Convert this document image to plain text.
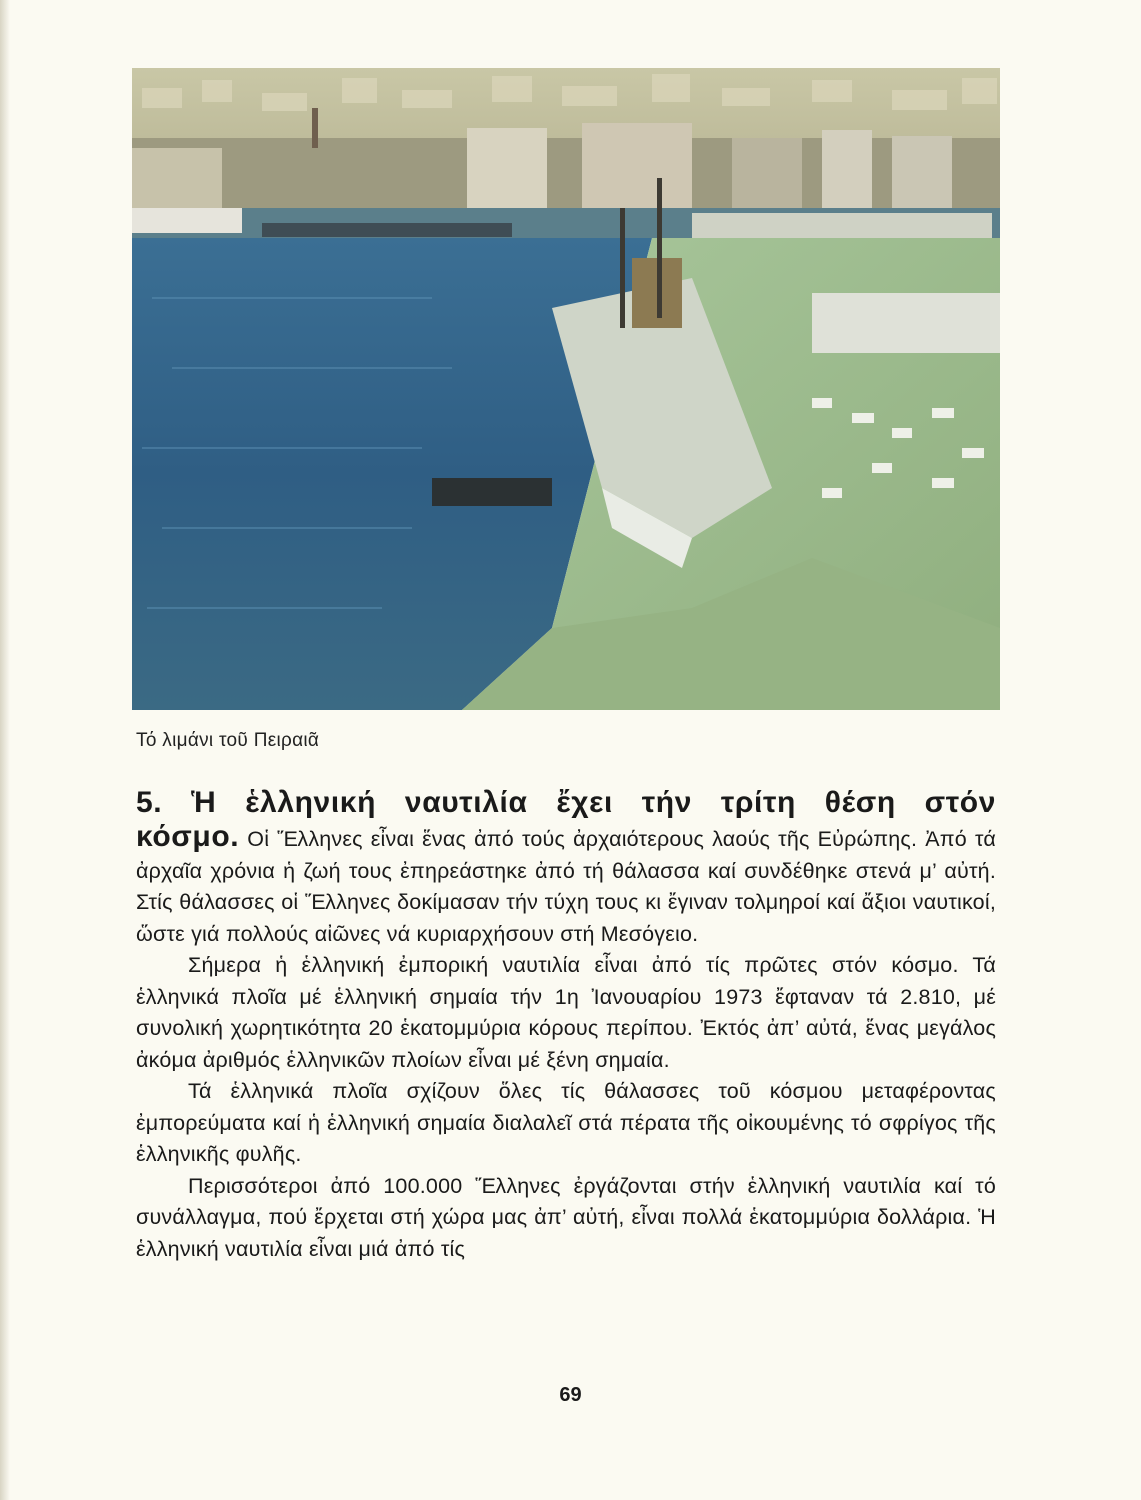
Τό λιμάνι τοῦ Πειραιᾶ

5. Ἡ ἑλληνική ναυτιλία ἔχει τήν τρίτη θέση στόν

κόσμο. Οἱ Ἕλληνες εἶναι ἕνας ἀπό τούς ἀρχαιότερους λαούς τῆς Εὐρώπης. Ἀπό τά ἀρχαῖα χρόνια ἡ ζωή τους ἐπηρεάστηκε ἀπό τή θάλασσα καί συνδέθηκε στενά μ’ αὐτή. Στίς θάλασσες οἱ Ἕλληνες δοκίμασαν τήν τύχη τους κι ἔγιναν τολμηροί καί ἄξιοι ναυτικοί, ὥστε γιά πολλούς αἰῶνες νά κυριαρχήσουν στή Μεσόγειο.

Σήμερα ἡ ἑλληνική ἐμπορική ναυτιλία εἶναι ἀπό τίς πρῶτες στόν κόσμο. Τά ἑλληνικά πλοῖα μέ ἑλληνική σημαία τήν 1η Ἰανουαρίου 1973 ἔφταναν τά 2.810, μέ συνολική χωρητικότητα 20 ἑκατομμύρια κόρους περίπου. Ἐκτός ἀπ’ αὐτά, ἕνας μεγάλος ἀκόμα ἀριθμός ἑλληνικῶν πλοίων εἶναι μέ ξένη σημαία.

Τά ἑλληνικά πλοῖα σχίζουν ὅλες τίς θάλασσες τοῦ κόσμου μεταφέροντας ἐμπορεύματα καί ἡ ἑλληνική σημαία διαλαλεῖ στά πέρατα τῆς οἰκουμένης τό σφρίγος τῆς ἑλληνικῆς φυλῆς.

Περισσότεροι ἀπό 100.000 Ἕλληνες ἐργάζονται στήν ἑλληνική ναυτιλία καί τό συνάλλαγμα, πού ἔρχεται στή χώρα μας ἀπ’ αὐτή, εἶναι πολλά ἑκατομμύρια δολλάρια. Ἡ ἑλληνική ναυτιλία εἶναι μιά ἀπό τίς

69
